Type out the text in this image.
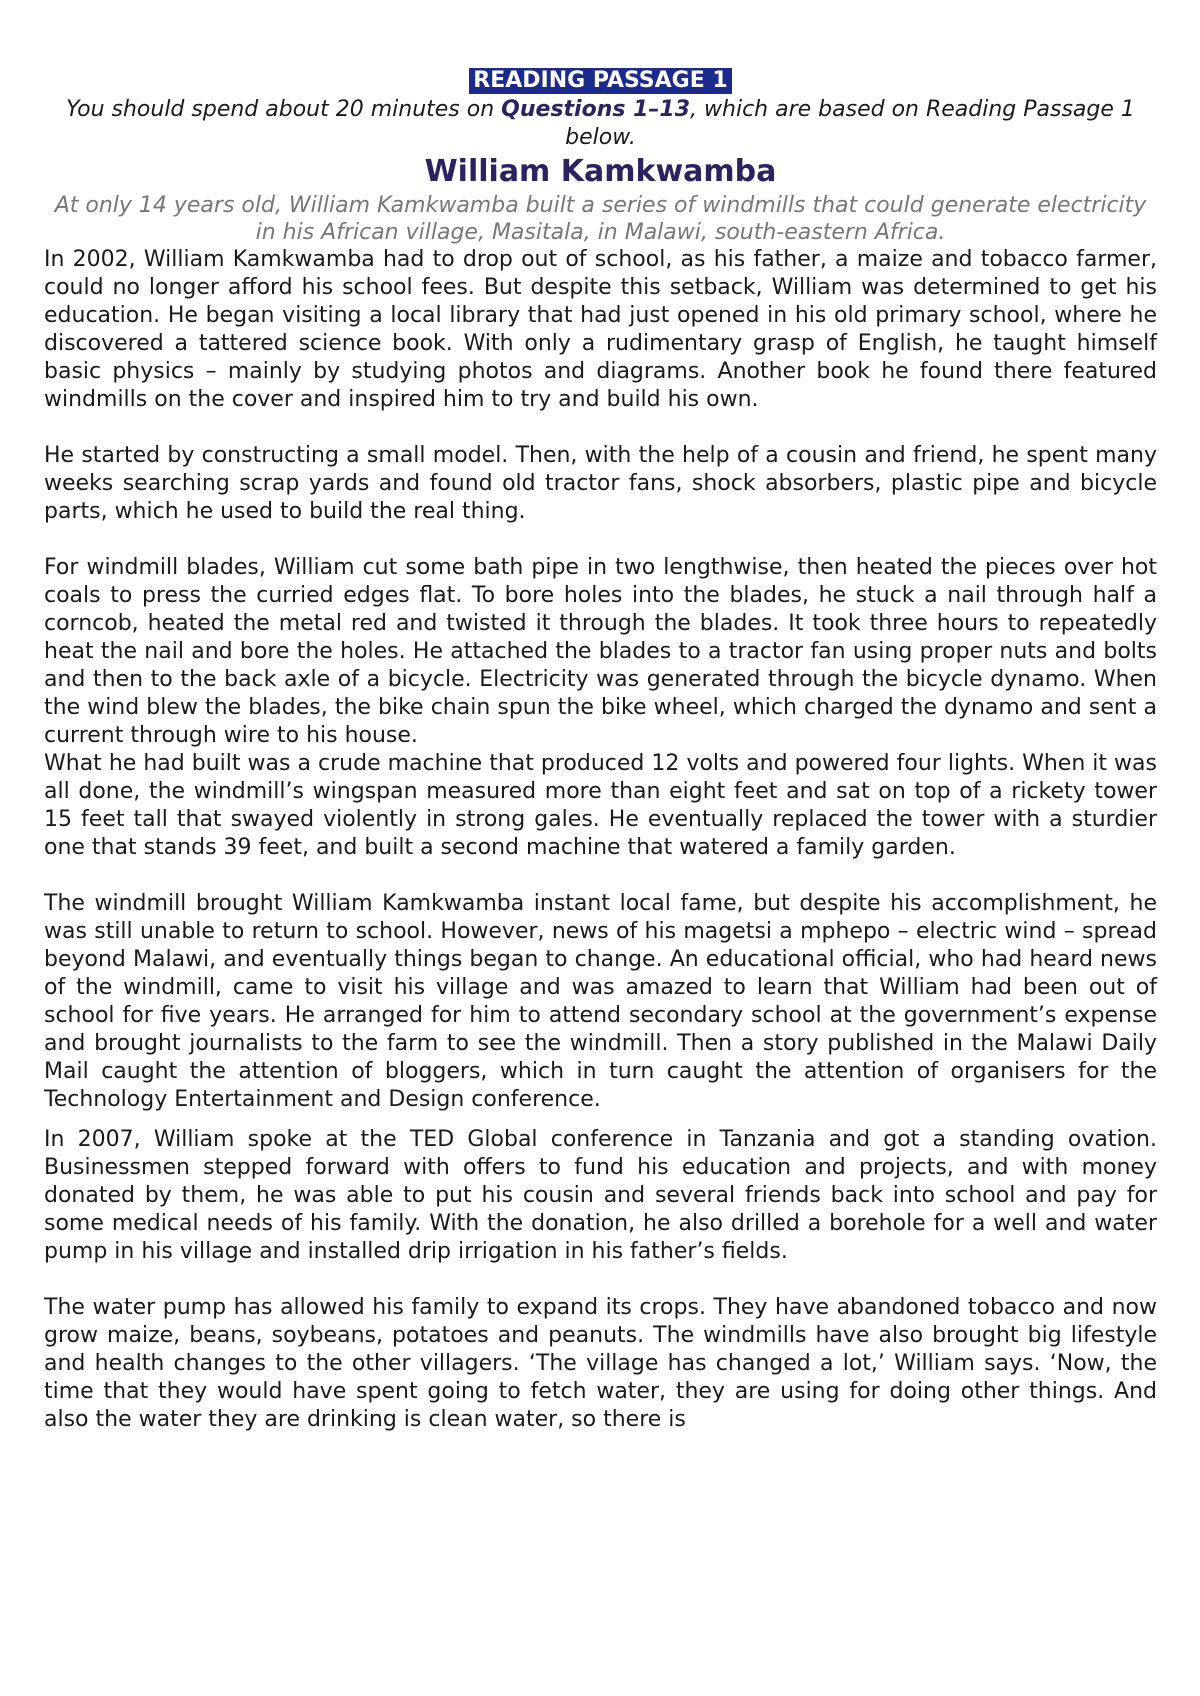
READING PASSAGE 1

You should spend about 20 minutes on Questions 1–13, which are based on Reading Passage 1 below.

William Kamkwamba
At only 14 years old, William Kamkwamba built a series of windmills that could generate electricity in his African village, Masitala, in Malawi, south-eastern Africa.

In 2002, William Kamkwamba had to drop out of school, as his father, a maize and tobacco farmer, could no longer afford his school fees. But despite this setback, William was determined to get his education. He began visiting a local library that had just opened in his old primary school, where he discovered a tattered science book. With only a rudimentary grasp of English, he taught himself basic physics – mainly by studying photos and diagrams. Another book he found there featured windmills on the cover and inspired him to try and build his own.

He started by constructing a small model. Then, with the help of a cousin and friend, he spent many weeks searching scrap yards and found old tractor fans, shock absorbers, plastic pipe and bicycle parts, which he used to build the real thing.

For windmill blades, William cut some bath pipe in two lengthwise, then heated the pieces over hot coals to press the curried edges flat. To bore holes into the blades, he stuck a nail through half a corncob, heated the metal red and twisted it through the blades. It took three hours to repeatedly heat the nail and bore the holes. He attached the blades to a tractor fan using proper nuts and bolts and then to the back axle of a bicycle. Electricity was generated through the bicycle dynamo. When the wind blew the blades, the bike chain spun the bike wheel, which charged the dynamo and sent a current through wire to his house.

What he had built was a crude machine that produced 12 volts and powered four lights. When it was all done, the windmill’s wingspan measured more than eight feet and sat on top of a rickety tower 15 feet tall that swayed violently in strong gales. He eventually replaced the tower with a sturdier one that stands 39 feet, and built a second machine that watered a family garden.

The windmill brought William Kamkwamba instant local fame, but despite his accomplishment, he was still unable to return to school. However, news of his magetsi a mphepo – electric wind – spread beyond Malawi, and eventually things began to change. An educational official, who had heard news of the windmill, came to visit his village and was amazed to learn that William had been out of school for five years. He arranged for him to attend secondary school at the government’s expense and brought journalists to the farm to see the windmill. Then a story published in the Malawi Daily Mail caught the attention of bloggers, which in turn caught the attention of organisers for the Technology Entertainment and Design conference.

In 2007, William spoke at the TED Global conference in Tanzania and got a standing ovation. Businessmen stepped forward with offers to fund his education and projects, and with money donated by them, he was able to put his cousin and several friends back into school and pay for some medical needs of his family. With the donation, he also drilled a borehole for a well and water pump in his village and installed drip irrigation in his father’s fields.

The water pump has allowed his family to expand its crops. They have abandoned tobacco and now grow maize, beans, soybeans, potatoes and peanuts. The windmills have also brought big lifestyle and health changes to the other villagers. ‘The village has changed a lot,’ William says. ‘Now, the time that they would have spent going to fetch water, they are using for doing other things. And also the water they are drinking is clean water, so there is
